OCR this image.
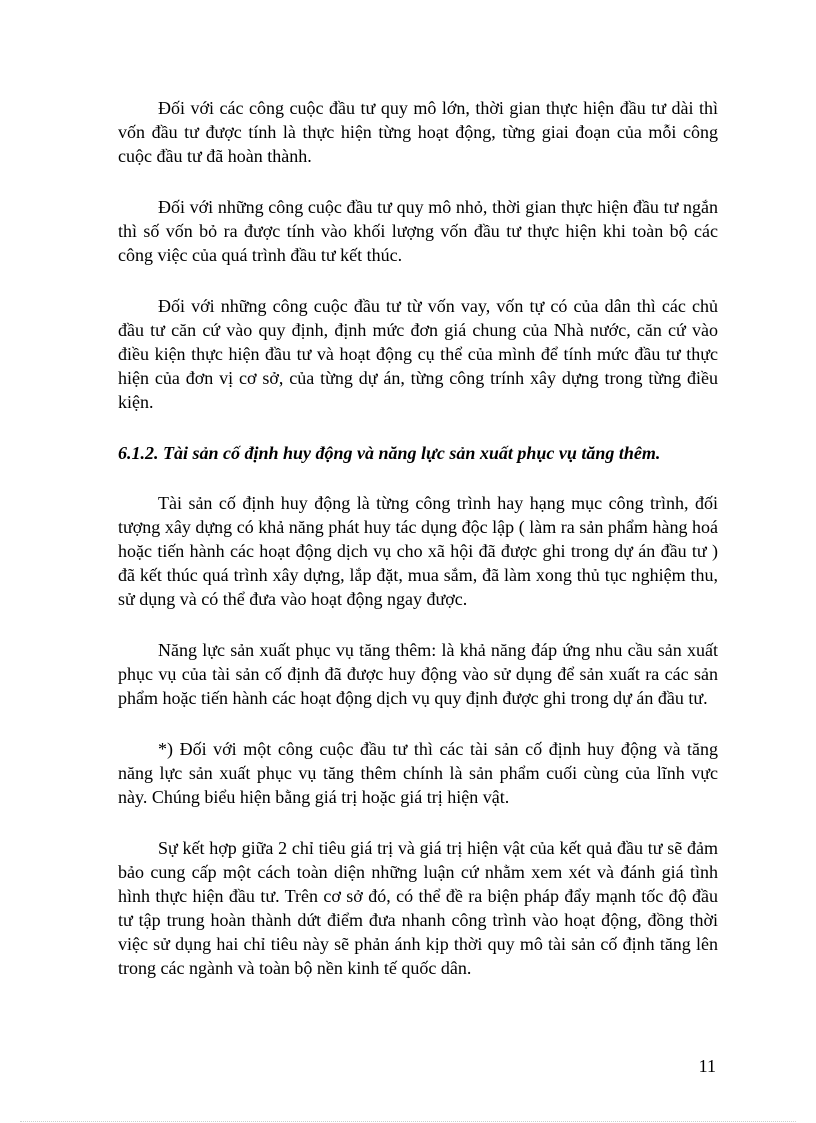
Đối với các công cuộc đầu tư quy mô lớn, thời gian thực hiện đầu tư dài thì vốn đầu tư được tính là thực hiện từng hoạt động, từng giai đoạn của mỗi công cuộc đầu tư đã hoàn thành.

Đối với những công cuộc đầu tư quy mô nhỏ, thời gian thực hiện đầu tư ngắn thì số vốn bỏ ra được tính vào khối lượng vốn đầu tư thực hiện khi toàn bộ các công việc của quá trình đầu tư kết thúc.

Đối với những công cuộc đầu tư từ vốn vay, vốn tự có của dân thì các chủ đầu tư căn cứ vào quy định, định mức đơn giá chung của Nhà nước, căn cứ vào điều kiện thực hiện đầu tư và hoạt động cụ thể của mình để tính mức đầu tư thực hiện của đơn vị cơ sở, của từng dự án, từng công trính xây dựng trong từng điều kiện.

6.1.2. Tài sản cố định huy động và năng lực sản xuất phục vụ tăng thêm.

Tài sản cố định huy động là từng công trình hay hạng mục công trình, đối tượng xây dựng có khả năng phát huy tác dụng độc lập ( làm ra sản phẩm hàng hoá hoặc tiến hành các hoạt động dịch vụ cho xã hội đã được ghi trong dự án đầu tư ) đã kết thúc quá trình xây dựng, lắp đặt, mua sắm, đã làm xong thủ tục nghiệm thu, sử dụng và có thể đưa vào hoạt động ngay được.

Năng lực sản xuất phục vụ tăng thêm: là khả năng đáp ứng nhu cầu sản xuất phục vụ của tài sản cố định đã được huy động vào sử dụng để sản xuất ra các sản phẩm hoặc tiến hành các hoạt động dịch vụ quy định được ghi trong dự án đầu tư.

*) Đối với một công cuộc đầu tư thì các tài sản cố định huy động và tăng năng lực sản xuất phục vụ tăng thêm chính là sản phẩm cuối cùng của lĩnh vực này. Chúng biểu hiện bằng giá trị hoặc giá trị hiện vật.

Sự kết hợp giữa 2 chỉ tiêu giá trị và giá trị hiện vật của kết quả đầu tư sẽ đảm bảo cung cấp một cách toàn diện những luận cứ nhằm xem xét và đánh giá tình hình thực hiện đầu tư. Trên cơ sở đó, có thể đề ra biện pháp đẩy mạnh tốc độ đầu tư tập trung hoàn thành dứt điểm đưa nhanh công trình vào hoạt động, đồng thời việc sử dụng hai chỉ tiêu này sẽ phản ánh kịp thời quy mô tài sản cố định tăng lên trong các ngành và toàn bộ nền kinh tế quốc dân.

11
